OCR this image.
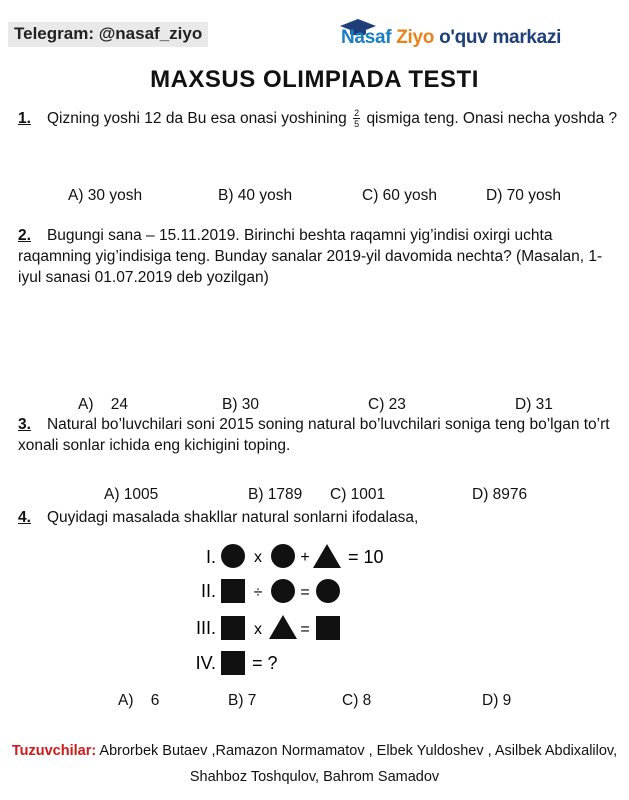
Telegram: @nasaf_ziyo	Nasaf Ziyo o'quv markazi
MAXSUS OLIMPIADA TESTI
1. Qizning yoshi 12 da Bu esa onasi yoshining $\frac{2}{5}$ qismiga teng. Onasi necha yoshda ?
A) 30 yosh	B) 40 yosh	C) 60 yosh	D) 70 yosh
2. Bugungi sana – 15.11.2019. Birinchi beshta raqamni yig’indisi oxirgi uchta raqamning yig’indisiga teng. Bunday sanalar 2019-yil davomida nechta? (Masalan, 1-iyul sanasi 01.07.2019 deb yozilgan)
A)    24	B) 30	C) 23	D) 31
3. Natural bo’luvchilari soni 2015 soning natural bo’luvchilari soniga teng bo’lgan to’rt xonali sonlar ichida eng kichigini toping.
A) 1005	B) 1789 C) 1001	D) 8976
4. Quyidagi masalada shakllar natural sonlarni ifodalasa,
I. x + = 10
II. ÷ =
III. x =
IV. = ?
A)    6	B) 7	C) 8	D) 9
Tuzuvchilar: Abrorbek Butaev ,Ramazon Normamatov , Elbek Yuldoshev , Asilbek Abdixalilov,
Shahboz Toshqulov, Bahrom Samadov
